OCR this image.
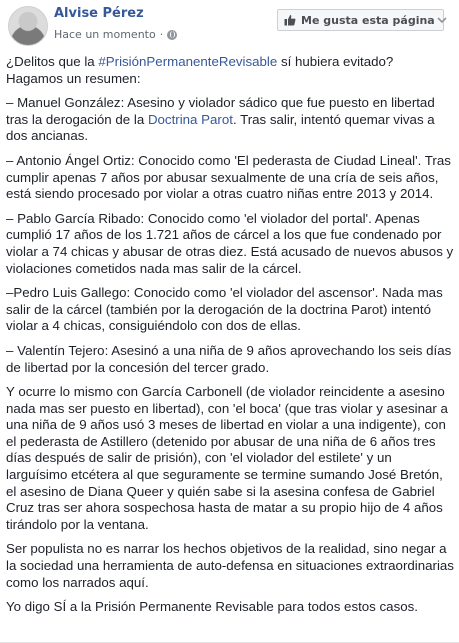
Alvise Pérez
Hace un momento ·
Me gusta esta página

¿Delitos que la #PrisiónPermanenteRevisable sí hubiera evitado?
Hagamos un resumen:

– Manuel González: Asesino y violador sádico que fue puesto en libertad tras la derogación de la Doctrina Parot. Tras salir, intentó quemar vivas a dos ancianas.

– Antonio Ángel Ortiz: Conocido como 'El pederasta de Ciudad Lineal'. Tras cumplir apenas 7 años por abusar sexualmente de una cría de seis años, está siendo procesado por violar a otras cuatro niñas entre 2013 y 2014.

– Pablo García Ribado: Conocido como 'el violador del portal'. Apenas cumplió 17 años de los 1.721 años de cárcel a los que fue condenado por violar a 74 chicas y abusar de otras diez. Está acusado de nuevos abusos y violaciones cometidos nada mas salir de la cárcel.

–Pedro Luis Gallego: Conocido como 'el violador del ascensor'. Nada mas salir de la cárcel (también por la derogación de la doctrina Parot) intentó violar a 4 chicas, consiguiéndolo con dos de ellas.

– Valentín Tejero: Asesinó a una niña de 9 años aprovechando los seis días de libertad por la concesión del tercer grado.

Y ocurre lo mismo con García Carbonell (de violador reincidente a asesino nada mas ser puesto en libertad), con 'el boca' (que tras violar y asesinar a una niña de 9 años usó 3 meses de libertad en violar a una indigente), con el pederasta de Astillero (detenido por abusar de una niña de 6 años tres días después de salir de prisión), con 'el violador del estilete' y un larguísimo etcétera al que seguramente se termine sumando José Bretón, el asesino de Diana Queer y quién sabe si la asesina confesa de Gabriel Cruz tras ser ahora sospechosa hasta de matar a su propio hijo de 4 años tirándolo por la ventana.

Ser populista no es narrar los hechos objetivos de la realidad, sino negar a la sociedad una herramienta de auto-defensa en situaciones extraordinarias como los narrados aquí.

Yo digo SÍ a la Prisión Permanente Revisable para todos estos casos.
